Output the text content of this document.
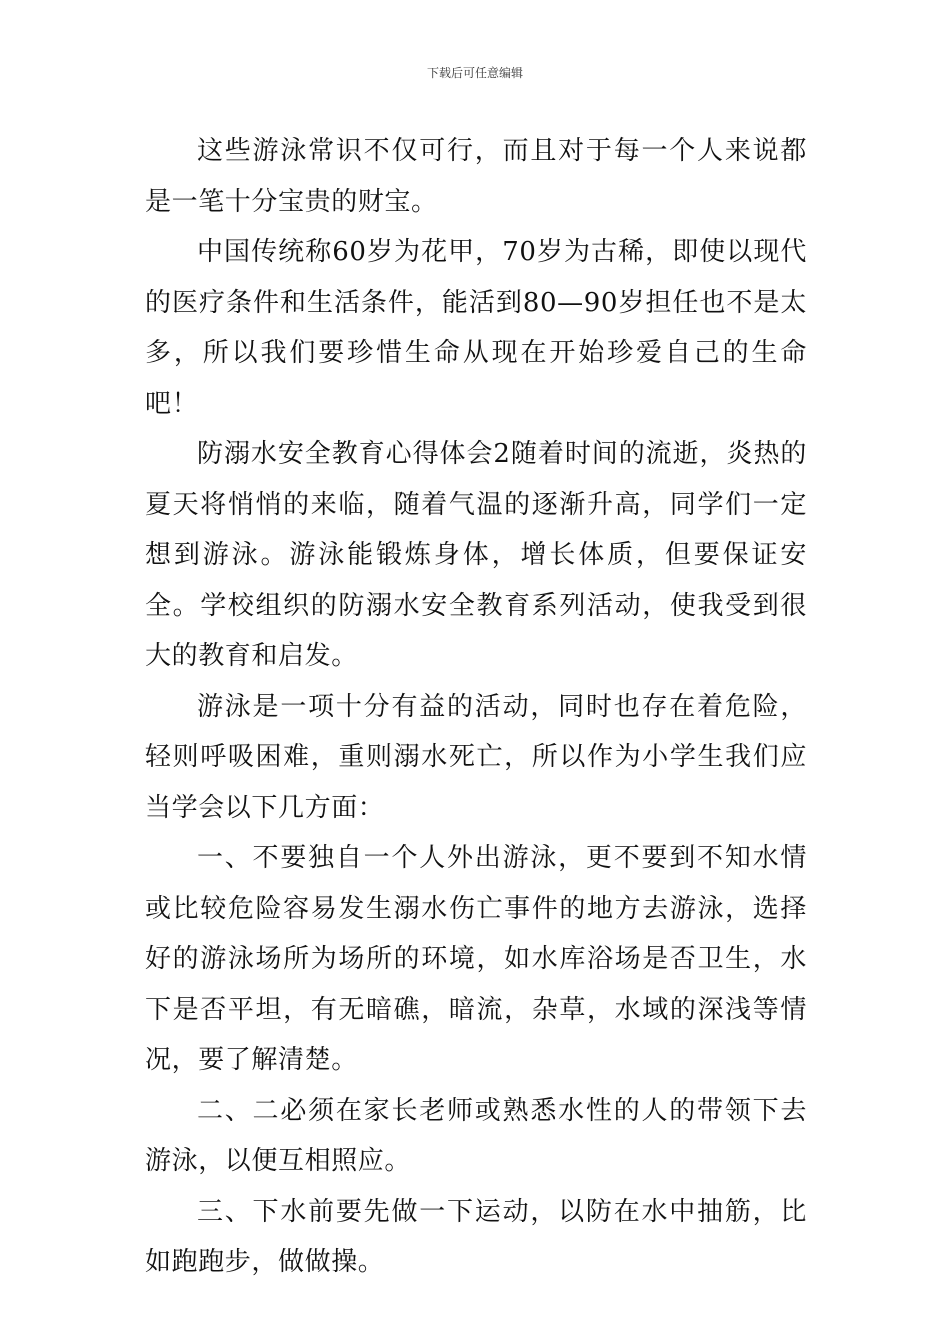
下载后可任意编辑

这些游泳常识不仅可行，而且对于每一个人来说都是一笔十分宝贵的财宝。

中国传统称60岁为花甲，70岁为古稀，即使以现代的医疗条件和生活条件，能活到80—90岁担任也不是太多，所以我们要珍惜生命从现在开始珍爱自己的生命吧！

防溺水安全教育心得体会2随着时间的流逝，炎热的夏天将悄悄的来临，随着气温的逐渐升高，同学们一定想到游泳。游泳能锻炼身体，增长体质，但要保证安全。学校组织的防溺水安全教育系列活动，使我受到很大的教育和启发。

游泳是一项十分有益的活动，同时也存在着危险，轻则呼吸困难，重则溺水死亡，所以作为小学生我们应当学会以下几方面：

一、不要独自一个人外出游泳，更不要到不知水情或比较危险容易发生溺水伤亡事件的地方去游泳，选择好的游泳场所为场所的环境，如水库浴场是否卫生，水下是否平坦，有无暗礁，暗流，杂草，水域的深浅等情况，要了解清楚。

二、二必须在家长老师或熟悉水性的人的带领下去游泳，以便互相照应。

三、下水前要先做一下运动，以防在水中抽筋，比如跑跑步，做做操。
